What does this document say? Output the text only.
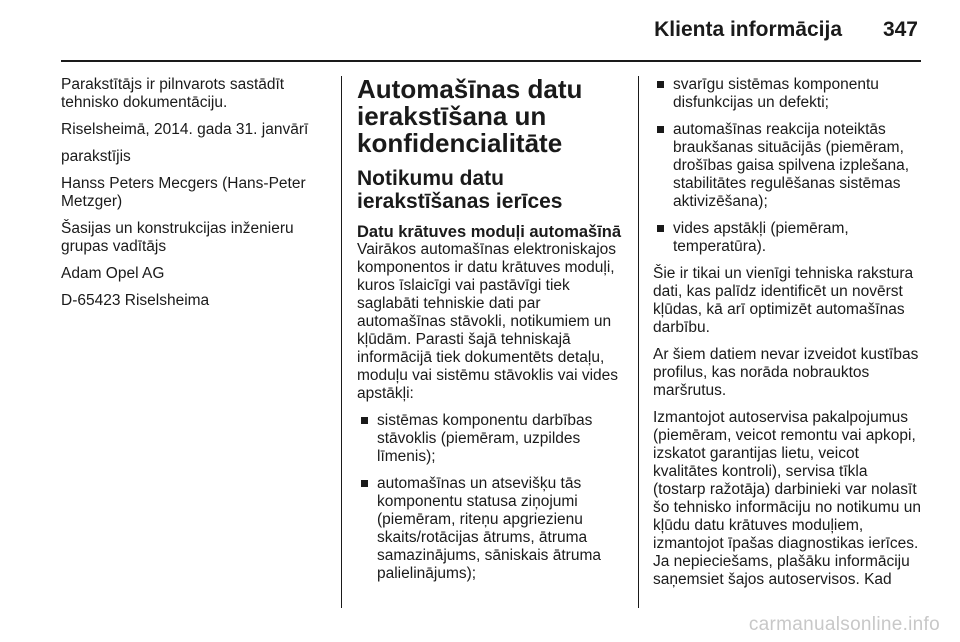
Klienta informācija 347

Parakstītājs ir pilnvarots sastādīt tehnisko dokumentāciju.

Riselsheimā, 2014. gada 31. janvārī

parakstījis

Hanss Peters Mecgers (Hans-Peter Metzger)

Šasijas un konstrukcijas inženieru grupas vadītājs

Adam Opel AG

D-65423 Riselsheima

Automašīnas datu ierakstīšana un konfidencialitāte
Notikumu datu ierakstīšanas ierīces
Datu krātuves moduļi automašīnā

Vairākos automašīnas elektroniskajos komponentos ir datu krātuves moduļi, kuros īslaicīgi vai pastāvīgi tiek saglabāti tehniskie dati par automašīnas stāvokli, notikumiem un kļūdām. Parasti šajā tehniskajā informācijā tiek dokumentēts detaļu, moduļu vai sistēmu stāvoklis vai vides apstākļi:

sistēmas komponentu darbības stāvoklis (piemēram, uzpildes līmenis);
automašīnas un atsevišķu tās komponentu statusa ziņojumi (piemēram, riteņu apgriezienu skaits/rotācijas ātrums, ātruma samazinājums, sāniskais ātruma palielinājums);
svarīgu sistēmas komponentu disfunkcijas un defekti;
automašīnas reakcija noteiktās braukšanas situācijās (piemēram, drošības gaisa spilvena izplešana, stabilitātes regulēšanas sistēmas aktivizēšana);
vides apstākļi (piemēram, temperatūra).

Šie ir tikai un vienīgi tehniska rakstura dati, kas palīdz identificēt un novērst kļūdas, kā arī optimizēt automašīnas darbību.

Ar šiem datiem nevar izveidot kustības profilus, kas norāda nobrauktos maršrutus.

Izmantojot autoservisa pakalpojumus (piemēram, veicot remontu vai apkopi, izskatot garantijas lietu, veicot kvalitātes kontroli), servisa tīkla (tostarp ražotāja) darbinieki var nolasīt šo tehnisko informāciju no notikumu un kļūdu datu krātuves moduļiem, izmantojot īpašas diagnostikas ierīces. Ja nepieciešams, plašāku informāciju saņemsiet šajos autoservisos. Kad

carmanualsonline.info
